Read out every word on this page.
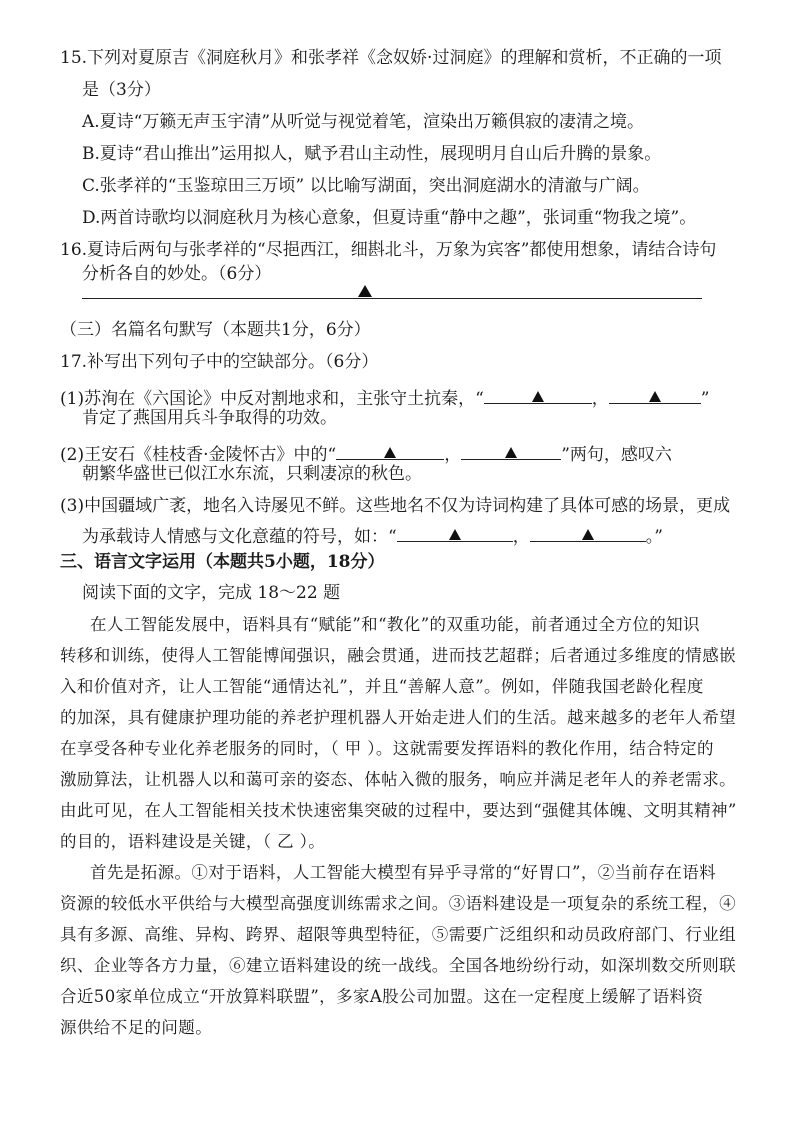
15.下列对夏原吉《洞庭秋月》和张孝祥《念奴娇·过洞庭》的理解和赏析，不正确的一项
是（3分）
A.夏诗“万籁无声玉宇清”从听觉与视觉着笔，渲染出万籁俱寂的凄清之境。
B.夏诗“君山推出”运用拟人，赋予君山主动性，展现明月自山后升腾的景象。
C.张孝祥的“玉鉴琼田三万顷” 以比喻写湖面，突出洞庭湖水的清澈与广阔。
D.两首诗歌均以洞庭秋月为核心意象，但夏诗重“静中之趣”，张词重“物我之境”。
16.夏诗后两句与张孝祥的“尽挹西江，细斟北斗，万象为宾客”都使用想象，请结合诗句
分析各自的妙处。（6分）
（三）名篇名句默写（本题共1分，6分）
17.补写出下列句子中的空缺部分。（6分）
(1)苏洵在《六国论》中反对割地求和，主张守土抗秦，“	，	”
肯定了燕国用兵斗争取得的功效。
(2)王安石《桂枝香·金陵怀古》中的“	，	”两句，感叹六
朝繁华盛世已似江水东流，只剩凄凉的秋色。
(3)中国疆域广袤，地名入诗屡见不鲜。这些地名不仅为诗词构建了具体可感的场景，更成
为承载诗人情感与文化意蕴的符号，如：“	，	。”
三、语言文字运用（本题共5小题，18分）
阅读下面的文字，完成 18～22 题
在人工智能发展中，语料具有“赋能”和“教化”的双重功能，前者通过全方位的知识
转移和训练，使得人工智能博闻强识，融会贯通，进而技艺超群；后者通过多维度的情感嵌
入和价值对齐，让人工智能“通情达礼”，并且“善解人意”。例如，伴随我国老龄化程度
的加深，具有健康护理功能的养老护理机器人开始走进人们的生活。越来越多的老年人希望
在享受各种专业化养老服务的同时，（ 甲 ）。这就需要发挥语料的教化作用，结合特定的
激励算法，让机器人以和蔼可亲的姿态、体帖入微的服务，响应并满足老年人的养老需求。
由此可见，在人工智能相关技术快速密集突破的过程中，要达到“强健其体魄、文明其精神”
的目的，语料建设是关键，（ 乙 ）。
首先是拓源。①对于语料，人工智能大模型有异乎寻常的“好胃口”，②当前存在语料
资源的较低水平供给与大模型高强度训练需求之间。③语料建设是一项复杂的系统工程，④
具有多源、高维、异构、跨界、超限等典型特征，⑤需要广泛组织和动员政府部门、行业组
织、企业等各方力量，⑥建立语料建设的统一战线。全国各地纷纷行动，如深圳数交所则联
合近50家单位成立“开放算料联盟”，多家A股公司加盟。这在一定程度上缓解了语料资
源供给不足的问题。
